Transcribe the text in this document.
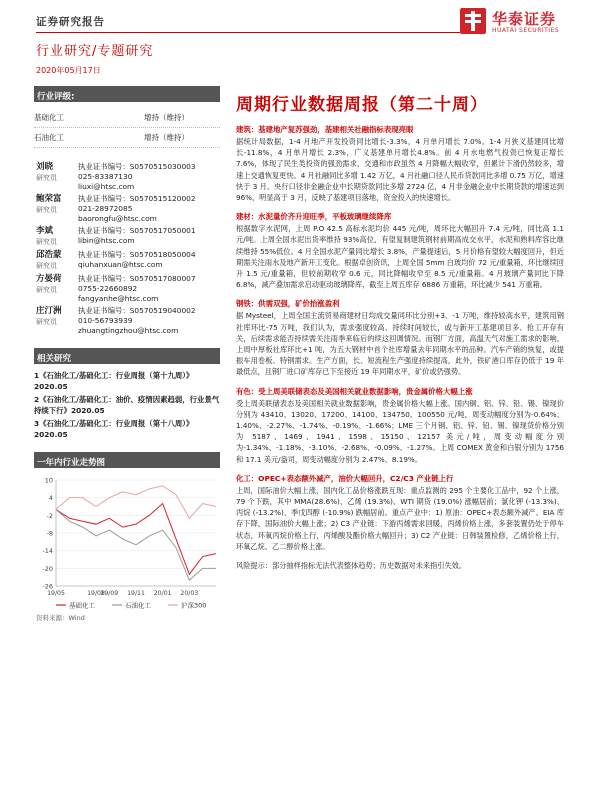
证券研究报告	华泰证券
HUATAI SECURITIES
行业研究/专题研究
2020年05月17日
行业评级:
基础化工	增持（维持）
石油化工	增持（维持）
刘晓
研究员
执业证书编号：S0570515030003
025-83387130
liuxi@htsc.com
鲍荣富
研究员
执业证书编号：S0570515120002
021-28972085
baorongfu@htsc.com
李斌
研究员
执业证书编号：S0570517050001
libin@htsc.com
邱浩蒙
研究员
执业证书编号：S0570518050004
qiuhanxuan@htsc.com
方晏荷
研究员
执业证书编号：S0570517080007
0755-22660892
fangyanhe@htsc.com
庄汀洲
研究员
执业证书编号：S0570519040002
010-56793939
zhuangtingzhou@htsc.com
相关研究
1《石油化工/基础化工：行业周报（第十九周）》2020.05
2《石油化工/基础化工：油价、疫情因素趋弱，行业景气持续下行》2020.05
3《石油化工/基础化工：行业周报（第十八周）》2020.05
一年内行业走势图
10
4
-2
-8
-14
-20
-26
19/05	19/08
19/09 19/11 20/01 20/03
基础化工	石油化工	沪深300
资料来源：Wind
周期行业数据周报（第二十周）
建筑：基建地产复苏强劲，基建相关社融指标表现亮眼

据统计局数据，1-4 月地产开发投资同比增长-3.3%，4 月单月增长 7.0%。1-4 月狭义基建同比增长-11.8%，4 月单月增长 2.3%，广义基建单月增长4.8%。前 4 月水电燃气投资已恢复正增长 7.6%，体现了民生类投资的强劲需求，交通和市政虽然 4 月降幅大幅收窄，但累计下滑仍然较多，增速上交通恢复更快。4 月社融同比多增 1.42 万亿，4 月社融口径人民币贷款同比多增 0.75 万亿，增速快于 3 月。央行口径非金融企业中长期贷款同比多增 2724 亿，4 月非金融企业中长期贷款的增速达到 96%，明显高于 3 月，反映了基建项目落地，资金投入的快速增长。

建材：水泥量价齐升迎旺季，平板玻璃继续降库

根据数字水泥网，上周 P.O 42.5 高标水泥均价 445 元/吨，周环比大幅回升 7.4 元/吨，同比高 1.1 元/吨。上周全国水泥出货率维持 93%高位，有望复制建筑钢材前期高成交水平，水泥和熟料库容比继续维持 55%低位。4 月全国水泥产量同比增长 3.8%，产量提速后，5 月价格有望较大幅度回升，但近期需关注雨水及地产新开工变化。根据卓创资讯，上周全国 5mm 白玻均价 72 元/重量箱，环比继续回升 1.5 元/重量箱，但较前期收窄 0.6 元，同比降幅收窄至 8.5 元/重量箱。4 月玻璃产量同比下降 6.8%，减产叠加需求启动驱动玻璃降库，截至上周五库存 6886 万重箱，环比减少 541 万重箱。

钢铁：供需双强，矿价抬涨盈利

据 Mysteel，上周全国主流贸易商建材日均成交量同环比分别+3、-1 万吨，维持较高水平，建筑用钢社库环比-75 万吨，我们认为，需求强度较高、持续时间较长，或与新开工基建项目多、抢工开存有关，后续需求能否持续需关注雨季来临后的续这回调情况。而钢厂方面，高温天气对施工需求的影响，上周中厚板社库环比+1 吨，为五大钢材中首个社库增量去年同期水平的品种。汽车产销的恢复，或提振车用卷板、特钢需求。生产方面，长、短流程生产强度持续提高，此外，铁矿港口库存仍低于 19 年最低点，且钢厂进口矿库存已下至接近 19 年同期水平，矿价或仍强势。

有色：受上周美联储表态及美国相关就业数据影响，贵金属价格大幅上涨

受上周美联储表态及美国相关就业数据影响，贵金属价格大幅上涨。国内铜、铝、锌、铅、锡、镍现价分别为 43410、13020、17200、14100、134750、100550 元/吨，周变动幅度分别为-0.64%、1.40%、-2.27%、-1.74%、-0.19%、-1.66%；LME 三个月铜、铝、锌、铅、锡、镍现货价格分别为 5187、1469、1941、1598、15150、12157 美元/吨，周变动幅度分别为-1.34%、-1.18%、-3.10%、-2.68%、-0.09%、-1.27%。上周 COMEX 黄金和白银分别为 1756 和 17.1 美元/盎司，周变动幅度分别为 2.47%、8.19%。

化工：OPEC+表态额外减产，油价大幅回升，C2/C3 产业链上行

上周，国际油价大幅上涨，国内化工品价格涨跌互现：重点监测的 295 个主要化工品中，92 个上涨，79 个下跌，其中 MMA(28.6%)、乙烯 (19.3%)、WTI 期货 (19.0%) 涨幅居前；氯化钾 (-13.3%)、丙烷 (-13.2%)、季戊四醇 (-10.9%) 跌幅居前。重点产业中：1) 原油：OPEC+表态额外减产、EIA 库存下降，国际油价大幅上涨；2) C3 产业链：下游丙烯需求回暖，丙烯价格上涨，多套装置仍处于停车状态，环氧丙烷价格上行，丙烯酸及酯价格大幅回升；3) C2 产业链：日韩装置检修，乙烯价格上行，环氧乙烷、乙二醇价格上涨。

风险提示：部分抽样指标无法代表整体趋势；历史数据对未来指引失效。
